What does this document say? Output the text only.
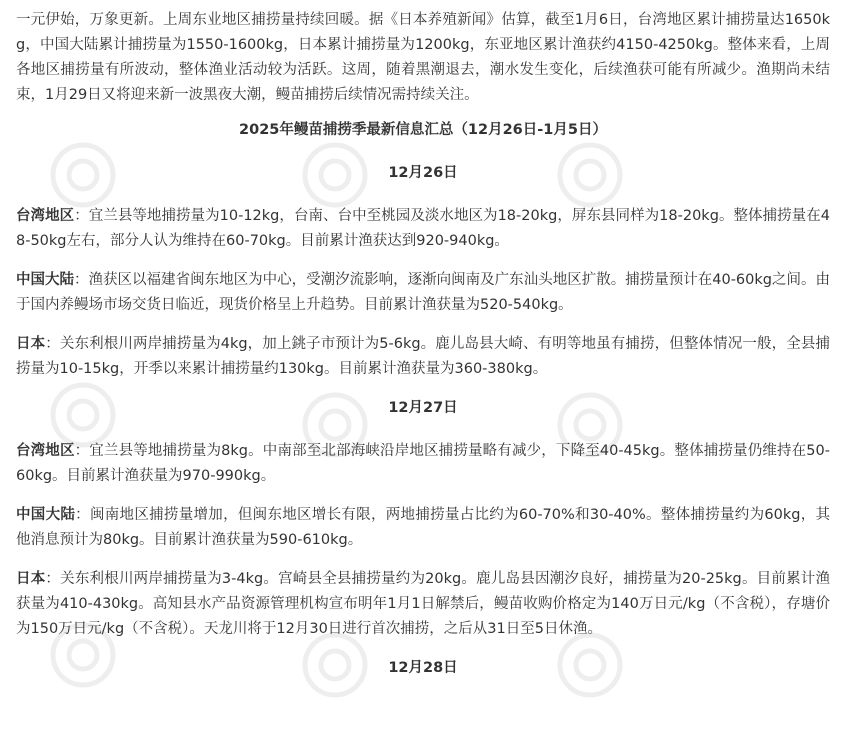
一元伊始，万象更新。上周东业地区捕捞量持续回暖。据《日本养殖新闻》估算，截至1月6日，台湾地区累计捕捞量达1650kg，中国大陆累计捕捞量为1550-1600kg，日本累计捕捞量为1200kg，东亚地区累计渔获约4150-4250kg。整体来看，上周各地区捕捞量有所波动，整体渔业活动较为活跃。这周，随着黑潮退去，潮水发生变化，后续渔获可能有所减少。渔期尚未结束，1月29日又将迎来新一波黑夜大潮，鳗苗捕捞后续情况需持续关注。

2025年鳗苗捕捞季最新信息汇总（12月26日-1月5日）
12月26日

台湾地区：宜兰县等地捕捞量为10-12kg，台南、台中至桃园及淡水地区为18-20kg，屏东县同样为18-20kg。整体捕捞量在48-50kg左右，部分人认为维持在60-70kg。目前累计渔获达到920-940kg。

中国大陆：渔获区以福建省闽东地区为中心，受潮汐流影响，逐渐向闽南及广东汕头地区扩散。捕捞量预计在40-60kg之间。由于国内养鳗场市场交货日临近，现货价格呈上升趋势。目前累计渔获量为520-540kg。

日本：关东利根川两岸捕捞量为4kg，加上銚子市预计为5-6kg。鹿儿岛县大崎、有明等地虽有捕捞，但整体情况一般，全县捕捞量为10-15kg，开季以来累计捕捞量约130kg。目前累计渔获量为360-380kg。

12月27日

台湾地区：宜兰县等地捕捞量为8kg。中南部至北部海峡沿岸地区捕捞量略有减少，下降至40-45kg。整体捕捞量仍维持在50-60kg。目前累计渔获量为970-990kg。

中国大陆：闽南地区捕捞量增加，但闽东地区增长有限，两地捕捞量占比约为60-70%和30-40%。整体捕捞量约为60kg，其他消息预计为80kg。目前累计渔获量为590-610kg。

日本：关东利根川两岸捕捞量为3-4kg。宫崎县全县捕捞量约为20kg。鹿儿岛县因潮汐良好，捕捞量为20-25kg。目前累计渔获量为410-430kg。高知县水产品资源管理机构宣布明年1月1日解禁后，鳗苗收购价格定为140万日元/kg（不含税），存塘价为150万日元/kg（不含税）。天龙川将于12月30日进行首次捕捞，之后从31日至5日休渔。

12月28日
